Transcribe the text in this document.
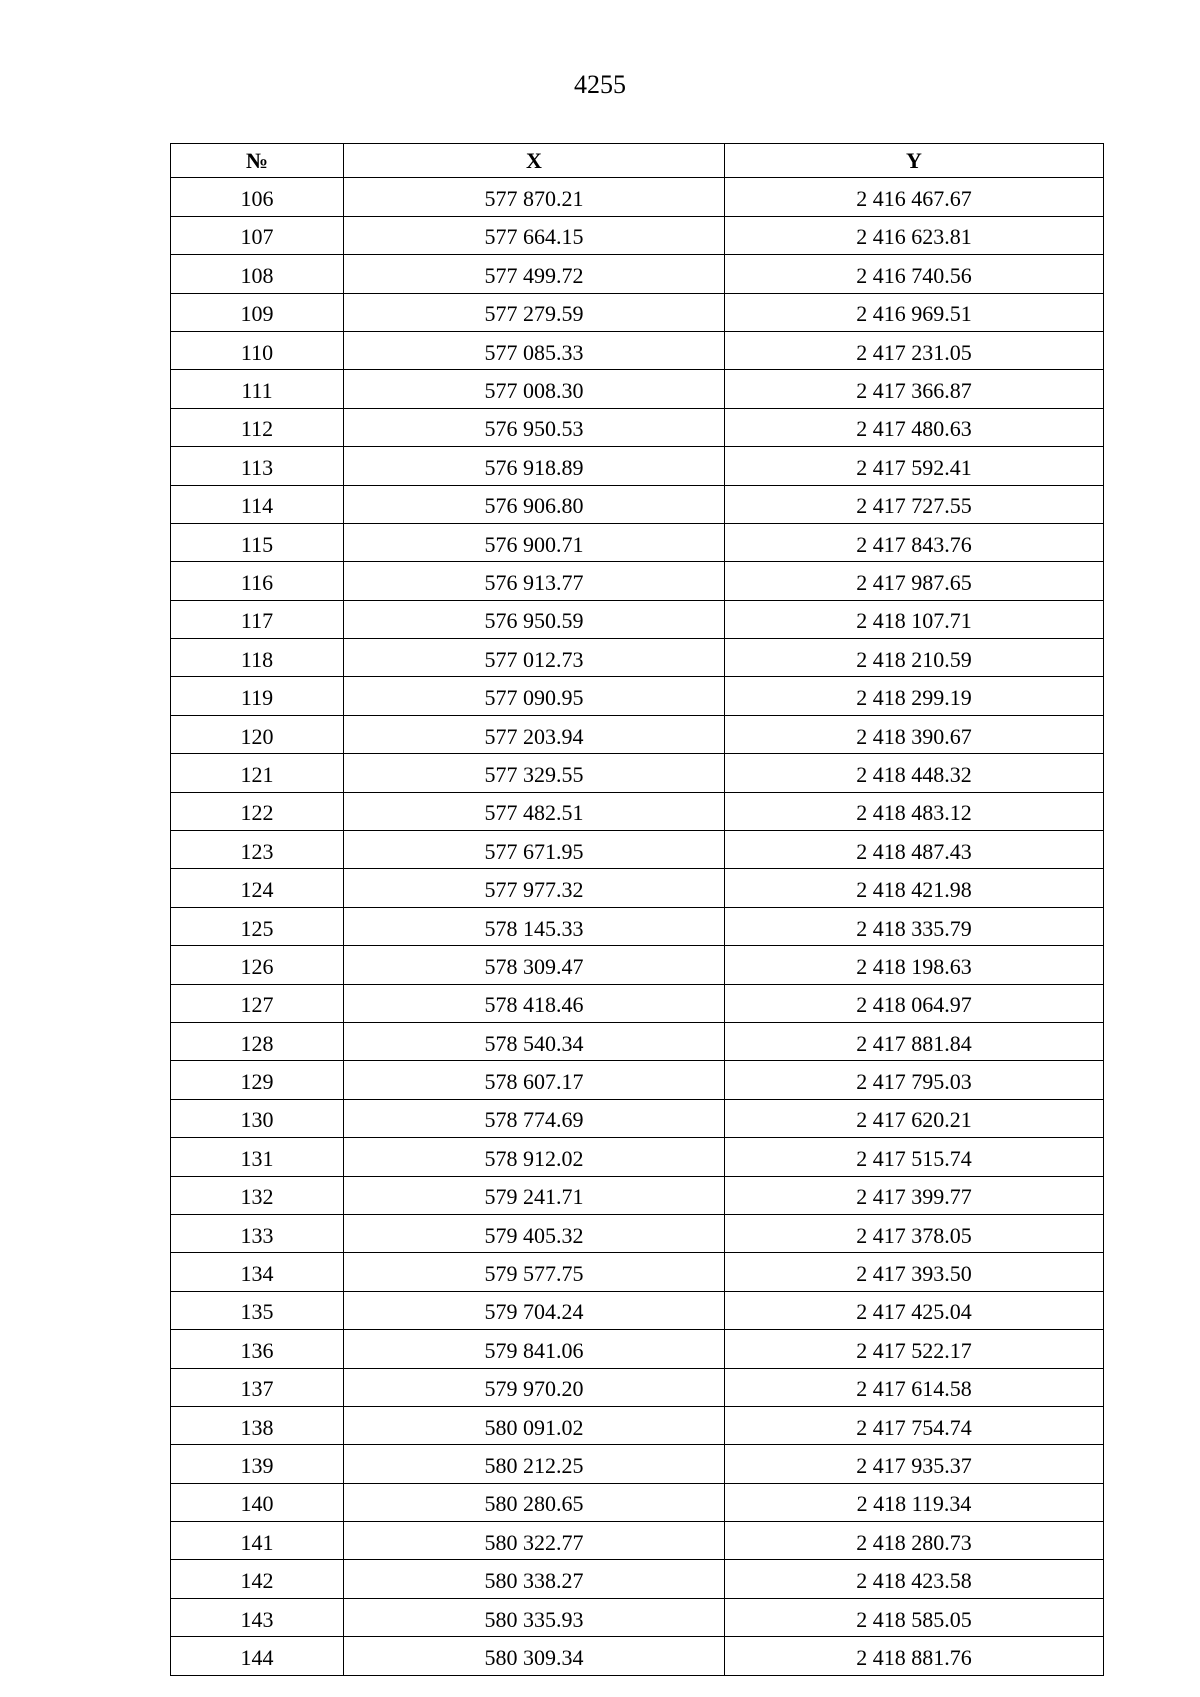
4255
№	X	Y
106	577 870.21	2 416 467.67
107	577 664.15	2 416 623.81
108	577 499.72	2 416 740.56
109	577 279.59	2 416 969.51
110	577 085.33	2 417 231.05
111	577 008.30	2 417 366.87
112	576 950.53	2 417 480.63
113	576 918.89	2 417 592.41
114	576 906.80	2 417 727.55
115	576 900.71	2 417 843.76
116	576 913.77	2 417 987.65
117	576 950.59	2 418 107.71
118	577 012.73	2 418 210.59
119	577 090.95	2 418 299.19
120	577 203.94	2 418 390.67
121	577 329.55	2 418 448.32
122	577 482.51	2 418 483.12
123	577 671.95	2 418 487.43
124	577 977.32	2 418 421.98
125	578 145.33	2 418 335.79
126	578 309.47	2 418 198.63
127	578 418.46	2 418 064.97
128	578 540.34	2 417 881.84
129	578 607.17	2 417 795.03
130	578 774.69	2 417 620.21
131	578 912.02	2 417 515.74
132	579 241.71	2 417 399.77
133	579 405.32	2 417 378.05
134	579 577.75	2 417 393.50
135	579 704.24	2 417 425.04
136	579 841.06	2 417 522.17
137	579 970.20	2 417 614.58
138	580 091.02	2 417 754.74
139	580 212.25	2 417 935.37
140	580 280.65	2 418 119.34
141	580 322.77	2 418 280.73
142	580 338.27	2 418 423.58
143	580 335.93	2 418 585.05
144	580 309.34	2 418 881.76
